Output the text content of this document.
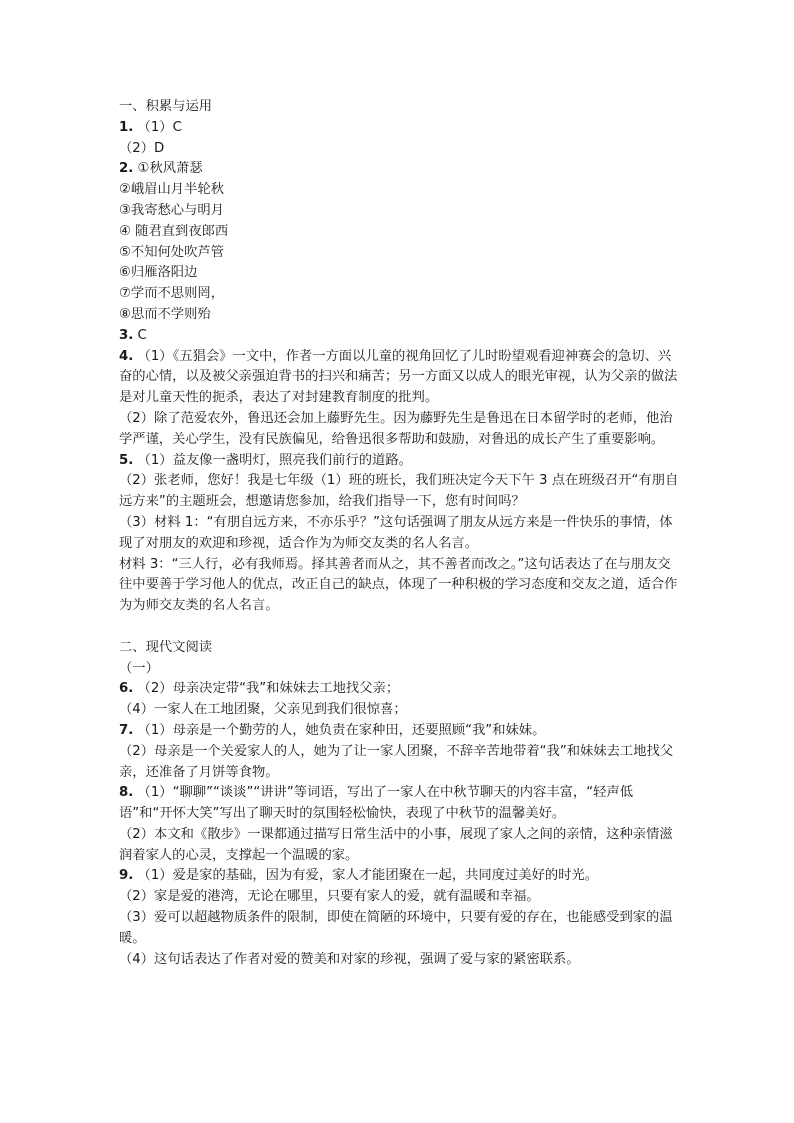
一、积累与运用
1. （1）C
（2）D
2. ①秋风萧瑟
②峨眉山月半轮秋
③我寄愁心与明月
④ 随君直到夜郎西
⑤不知何处吹芦管
⑥归雁洛阳边
⑦学而不思则罔，
⑧思而不学则殆
3. C
4. （1）《五猖会》一文中，作者一方面以儿童的视角回忆了儿时盼望观看迎神赛会的急切、兴奋的心情，以及被父亲强迫背书的扫兴和痛苦；另一方面又以成人的眼光审视，认为父亲的做法是对儿童天性的扼杀，表达了对封建教育制度的批判。
（2）除了范爱农外，鲁迅还会加上藤野先生。因为藤野先生是鲁迅在日本留学时的老师，他治学严谨，关心学生，没有民族偏见，给鲁迅很多帮助和鼓励，对鲁迅的成长产生了重要影响。
5. （1）益友像一盏明灯，照亮我们前行的道路。
（2）张老师，您好！我是七年级（1）班的班长，我们班决定今天下午 3 点在班级召开“有朋自远方来”的主题班会，想邀请您参加，给我们指导一下，您有时间吗？
（3）材料 1：“有朋自远方来，不亦乐乎？”这句话强调了朋友从远方来是一件快乐的事情，体现了对朋友的欢迎和珍视，适合作为为师交友类的名人名言。
材料 3：“三人行，必有我师焉。择其善者而从之，其不善者而改之。”这句话表达了在与朋友交往中要善于学习他人的优点，改正自己的缺点，体现了一种积极的学习态度和交友之道，适合作为为师交友类的名人名言。
二、现代文阅读
（一）
6. （2）母亲决定带“我”和妹妹去工地找父亲；
（4）一家人在工地团聚，父亲见到我们很惊喜；
7. （1）母亲是一个勤劳的人，她负责在家种田，还要照顾“我”和妹妹。
（2）母亲是一个关爱家人的人，她为了让一家人团聚，不辞辛苦地带着“我”和妹妹去工地找父亲，还准备了月饼等食物。
8. （1）“聊聊”“谈谈”“讲讲”等词语，写出了一家人在中秋节聊天的内容丰富，“轻声低语”和“开怀大笑”写出了聊天时的氛围轻松愉快，表现了中秋节的温馨美好。
（2）本文和《散步》一课都通过描写日常生活中的小事，展现了家人之间的亲情，这种亲情滋润着家人的心灵，支撑起一个温暖的家。
9. （1）爱是家的基础，因为有爱，家人才能团聚在一起，共同度过美好的时光。
（2）家是爱的港湾，无论在哪里，只要有家人的爱，就有温暖和幸福。
（3）爱可以超越物质条件的限制，即使在简陋的环境中，只要有爱的存在，也能感受到家的温暖。
（4）这句话表达了作者对爱的赞美和对家的珍视，强调了爱与家的紧密联系。
